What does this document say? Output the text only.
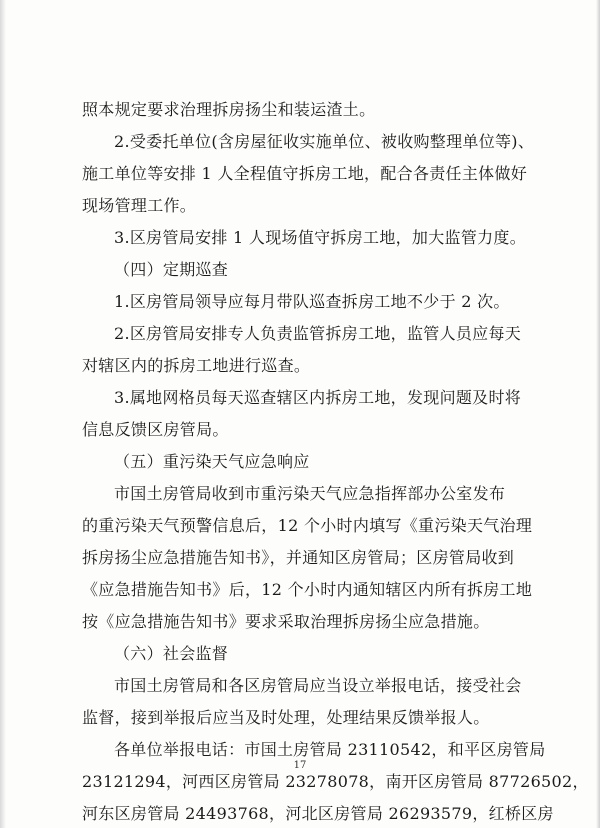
照本规定要求治理拆房扬尘和装运渣土。
2.受委托单位(含房屋征收实施单位、被收购整理单位等)、
施工单位等安排 1 人全程值守拆房工地，配合各责任主体做好
现场管理工作。
3.区房管局安排 1 人现场值守拆房工地，加大监管力度。
（四）定期巡查
1.区房管局领导应每月带队巡查拆房工地不少于 2 次。
2.区房管局安排专人负责监管拆房工地，监管人员应每天
对辖区内的拆房工地进行巡查。
3.属地网格员每天巡查辖区内拆房工地，发现问题及时将
信息反馈区房管局。
（五）重污染天气应急响应
市国土房管局收到市重污染天气应急指挥部办公室发布
的重污染天气预警信息后，12 个小时内填写《重污染天气治理
拆房扬尘应急措施告知书》，并通知区房管局；区房管局收到
《应急措施告知书》后，12 个小时内通知辖区内所有拆房工地
按《应急措施告知书》要求采取治理拆房扬尘应急措施。
（六）社会监督
市国土房管局和各区房管局应当设立举报电话，接受社会
监督，接到举报后应当及时处理，处理结果反馈举报人。
各单位举报电话：市国土房管局 23110542，和平区房管局
23121294，河西区房管局 23278078，南开区房管局 87726502，
河东区房管局 24493768，河北区房管局 26293579，红桥区房
17
